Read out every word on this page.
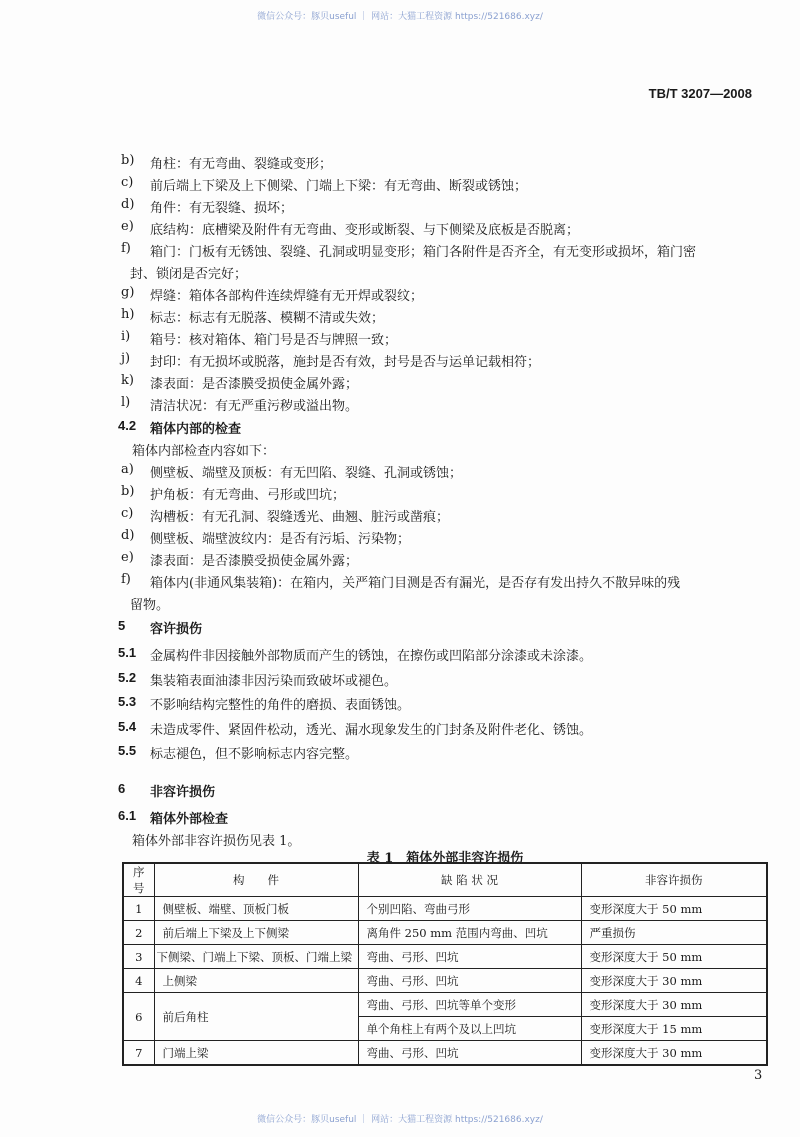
微信公众号：豚贝useful ｜ 网站：大猫工程资源 https://521686.xyz/
TB/T 3207—2008
b) 角柱：有无弯曲、裂缝或变形；
c) 前后端上下梁及上下侧梁、门端上下梁：有无弯曲、断裂或锈蚀；
d) 角件：有无裂缝、损坏；
e) 底结构：底槽梁及附件有无弯曲、变形或断裂、与下侧梁及底板是否脱离；
f) 箱门：门板有无锈蚀、裂缝、孔洞或明显变形；箱门各附件是否齐全，有无变形或损坏，箱门密
封、锁闭是否完好；
g) 焊缝：箱体各部构件连续焊缝有无开焊或裂纹；
h) 标志：标志有无脱落、模糊不清或失效；
i) 箱号：核对箱体、箱门号是否与牌照一致；
j) 封印：有无损坏或脱落，施封是否有效，封号是否与运单记载相符；
k) 漆表面：是否漆膜受损使金属外露；
l) 清洁状况：有无严重污秽或溢出物。
4.2 箱体内部的检查
箱体内部检查内容如下：
a) 侧壁板、端壁及顶板：有无凹陷、裂缝、孔洞或锈蚀；
b) 护角板：有无弯曲、弓形或凹坑；
c) 沟槽板：有无孔洞、裂缝透光、曲翘、脏污或凿痕；
d) 侧壁板、端壁波纹内：是否有污垢、污染物；
e) 漆表面：是否漆膜受损使金属外露；
f) 箱体内(非通风集装箱)：在箱内，关严箱门目测是否有漏光，是否存有发出持久不散异味的残
留物。
5 容许损伤
5.1 金属构件非因接触外部物质而产生的锈蚀，在擦伤或凹陷部分涂漆或未涂漆。
5.2 集装箱表面油漆非因污染而致破坏或褪色。
5.3 不影响结构完整性的角件的磨损、表面锈蚀。
5.4 未造成零件、紧固件松动，透光、漏水现象发生的门封条及附件老化、锈蚀。
5.5 标志褪色，但不影响标志内容完整。
6 非容许损伤
6.1 箱体外部检查
箱体外部非容许损伤见表 1。
表 1　箱体外部非容许损伤
序号	构　　件	缺 陷 状 况	非容许损伤
1	侧壁板、端壁、顶板门板	个别凹陷、弯曲弓形	变形深度大于 50 mm
2	前后端上下梁及上下侧梁	离角件 250 mm 范围内弯曲、凹坑	严重损伤
3	下侧梁、门端上下梁、顶板、门端上梁	弯曲、弓形、凹坑	变形深度大于 50 mm
4	上侧梁	弯曲、弓形、凹坑	变形深度大于 30 mm
6	前后角柱	弯曲、弓形、凹坑等单个变形	变形深度大于 30 mm
		单个角柱上有两个及以上凹坑	变形深度大于 15 mm
7	门端上梁	弯曲、弓形、凹坑	变形深度大于 30 mm
3
微信公众号：豚贝useful ｜ 网站：大猫工程资源 https://521686.xyz/
